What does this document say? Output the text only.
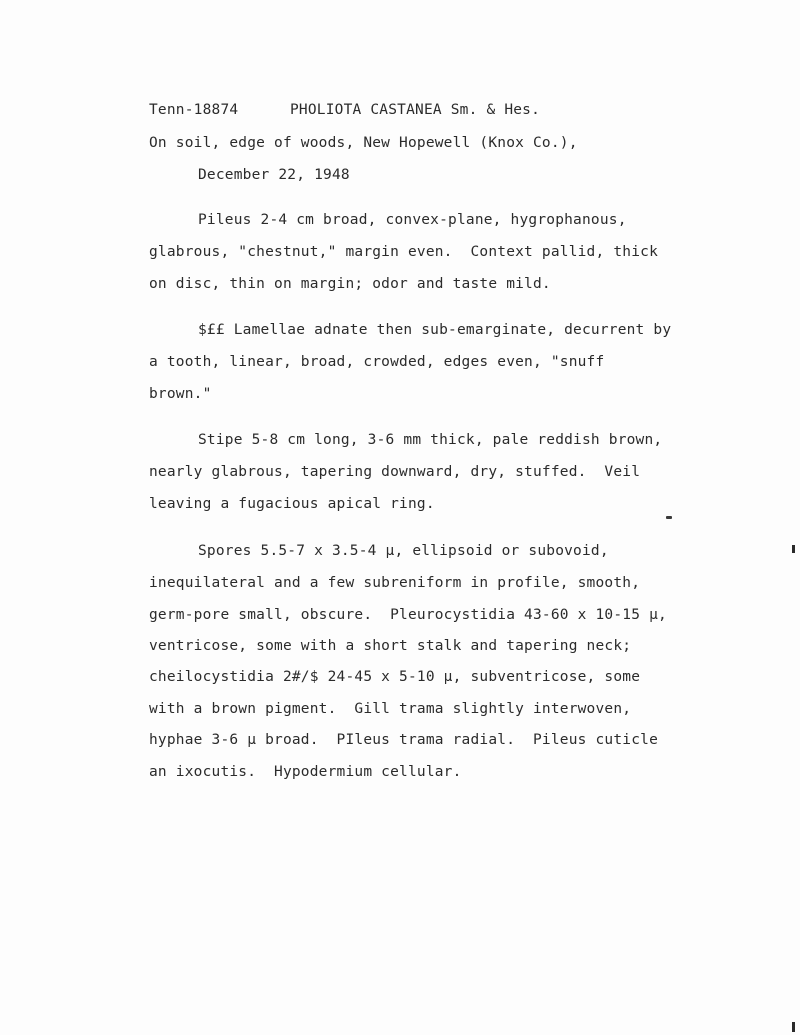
Tenn-18874	PHOLIOTA CASTANEA Sm. & Hes.
On soil, edge of woods, New Hopewell (Knox Co.),
December 22, 1948
Pileus 2-4 cm broad, convex-plane, hygrophanous,
glabrous, "chestnut," margin even.  Context pallid, thick
on disc, thin on margin; odor and taste mild.
$££ Lamellae adnate then sub-emarginate, decurrent by
a tooth, linear, broad, crowded, edges even, "snuff
brown."
Stipe 5-8 cm long, 3-6 mm thick, pale reddish brown,
nearly glabrous, tapering downward, dry, stuffed.  Veil
leaving a fugacious apical ring.
Spores 5.5-7 x 3.5-4 µ, ellipsoid or subovoid,
inequilateral and a few subreniform in profile, smooth,
germ-pore small, obscure.  Pleurocystidia 43-60 x 10-15 µ,
ventricose, some with a short stalk and tapering neck;
cheilocystidia 2#/$ 24-45 x 5-10 µ, subventricose, some
with a brown pigment.  Gill trama slightly interwoven,
hyphae 3-6 µ broad.  PIleus trama radial.  Pileus cuticle
an ixocutis.  Hypodermium cellular.
